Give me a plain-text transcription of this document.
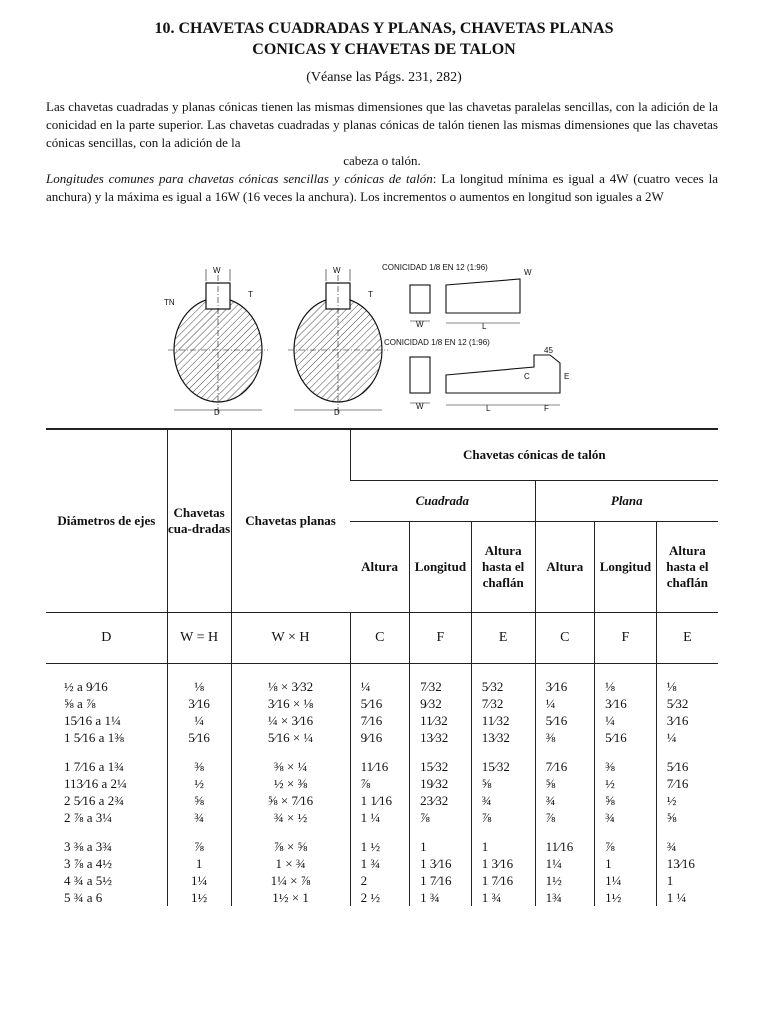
10. CHAVETAS CUADRADAS Y PLANAS, CHAVETAS PLANAS
CONICAS Y CHAVETAS DE TALON
(Véanse las Págs. 231, 282)

Las chavetas cuadradas y planas cónicas tienen las mismas dimensiones que las chavetas paralelas sencillas, con la adición de la conicidad en la parte superior. Las chavetas cuadradas y planas cónicas de talón tienen las mismas dimensiones que las chavetas cónicas sencillas, con la adición de la

cabeza o talón.

Longitudes comunes para chavetas cónicas sencillas y cónicas de talón: La longitud mínima es igual a 4W (cuatro veces la anchura) y la máxima es igual a 16W (16 veces la anchura). Los incrementos o aumentos en longitud son iguales a 2W

W
D
TN
T
W
D
T
CONICIDAD 1/8 EN 12 (1:96)
L
W
W
CONICIDAD 1/8 EN 12 (1:96)
L	F
W
C	E
45
Diámetros de ejes	Chavetas cua-dradas	Chavetas planas	Chavetas cónicas de talón					
			Cuadrada			Plana		
			Altura	Longitud	Altura hasta el chaflán	Altura	Longitud	Altura hasta el chaflán
D	W = H	W × H	C	F	E	C	F	E

½ a 9⁄16	⅛	⅛ × 3⁄32	¼	7⁄32	5⁄32	3⁄16	⅛	⅛
⅝ a ⅞	3⁄16	3⁄16 × ⅛	5⁄16	9⁄32	7⁄32	¼	3⁄16	5⁄32
15⁄16 a 1¼	¼	¼ × 3⁄16	7⁄16	11⁄32	11⁄32	5⁄16	¼	3⁄16
1 5⁄16 a 1⅜	5⁄16	5⁄16 × ¼	9⁄16	13⁄32	13⁄32	⅜	5⁄16	¼

1 7⁄16 a 1¾	⅜	⅜ × ¼	11⁄16	15⁄32	15⁄32	7⁄16	⅜	5⁄16
113⁄16 a 2¼	½	½ × ⅜	⅞	19⁄32	⅝	⅝	½	7⁄16
2 5⁄16 a 2¾	⅝	⅝ × 7⁄16	1 1⁄16	23⁄32	¾	¾	⅝	½
2 ⅞ a 3¼	¾	¾ × ½	1 ¼	⅞	⅞	⅞	¾	⅝

3 ⅜ a 3¾	⅞	⅞ × ⅝	1 ½	1	1	11⁄16	⅞	¾
3 ⅞ a 4½	1	1 × ¾	1 ¾	1 3⁄16	1 3⁄16	1¼	1	13⁄16
4 ¾ a 5½	1¼	1¼ × ⅞	2	1 7⁄16	1 7⁄16	1½	1¼	1
5 ¾ a 6	1½	1½ × 1	2 ½	1 ¾	1 ¾	1¾	1½	1 ¼
